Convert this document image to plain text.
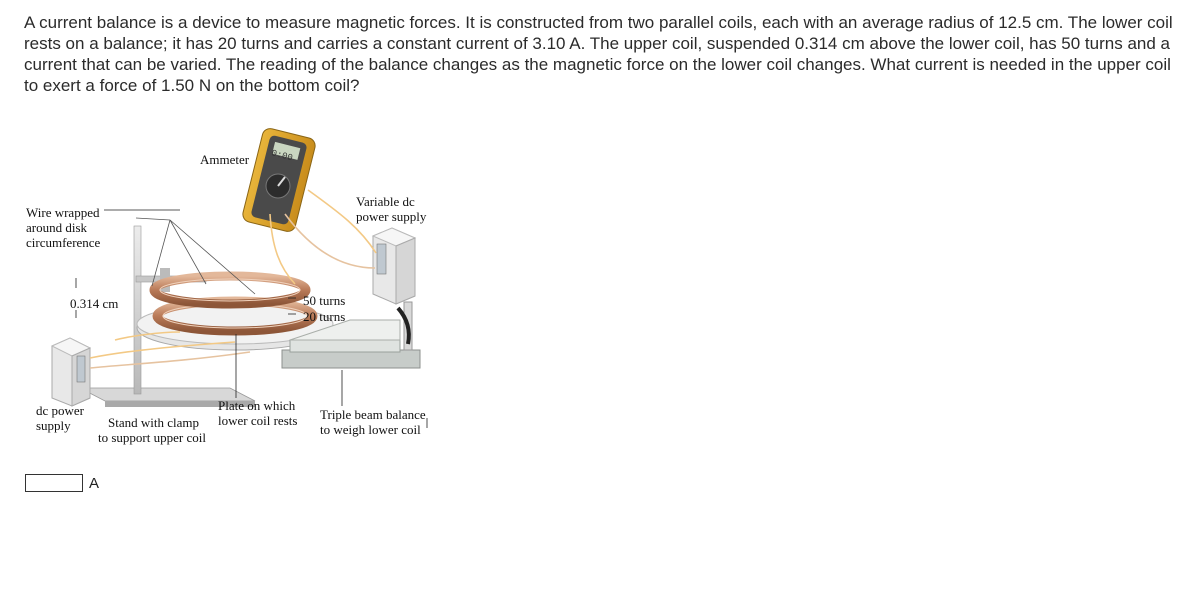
A current balance is a device to measure magnetic forces. It is constructed from two parallel coils, each with an average radius of 12.5 cm. The lower coil rests on a balance; it has 20 turns and carries a constant current of 3.10 A. The upper coil, suspended 0.314 cm above the lower coil, has 50 turns and a current that can be varied. The reading of the balance changes as the magnetic force on the lower coil changes. What current is needed in the upper coil to exert a force of 1.50 N on the bottom coil?

0:00
Ammeter
Variable dc
power supply
Wire wrapped
around disk
circumference
0.314 cm	50 turns
20 turns
dc power
supply
Plate on which
lower coil rests
Stand with clamp
to support upper coil
Triple beam balance
to weigh lower coil
A
